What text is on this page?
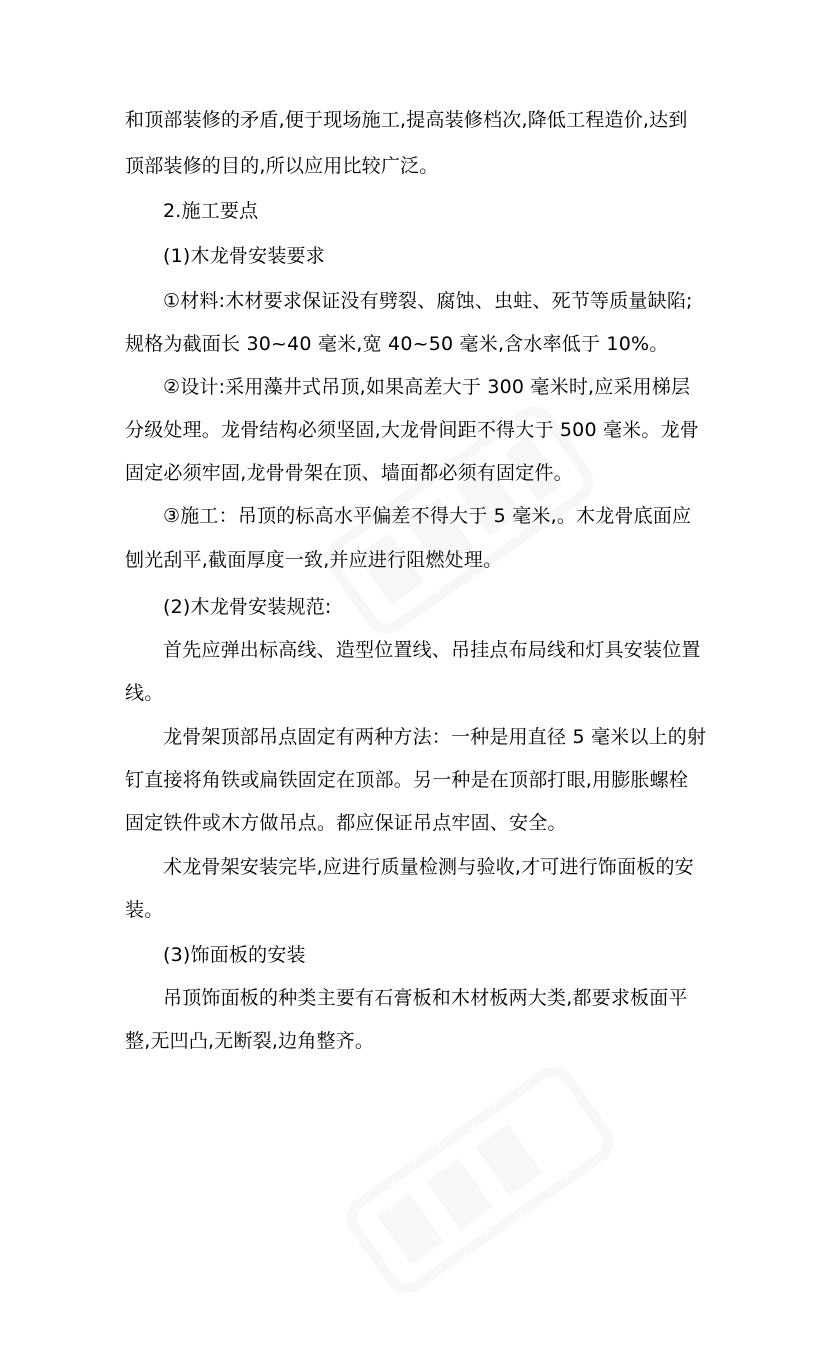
和顶部装修的矛盾,便于现场施工,提高装修档次,降低工程造价,达到
顶部装修的目的,所以应用比较广泛。
2.施工要点
(1)木龙骨安装要求
①材料:木材要求保证没有劈裂、腐蚀、虫蛀、死节等质量缺陷;
规格为截面长 30~40 毫米,宽 40~50 毫米,含水率低于 10%。
②设计:采用藻井式吊顶,如果高差大于 300 毫米时,应采用梯层
分级处理。龙骨结构必须坚固,大龙骨间距不得大于 500 毫米。龙骨
固定必须牢固,龙骨骨架在顶、墙面都必须有固定件。
③施工：吊顶的标高水平偏差不得大于 5 毫米,。木龙骨底面应
刨光刮平,截面厚度一致,并应进行阻燃处理。
(2)木龙骨安装规范:
首先应弹出标高线、造型位置线、吊挂点布局线和灯具安装位置
线。
龙骨架顶部吊点固定有两种方法：一种是用直径 5 毫米以上的射
钉直接将角铁或扁铁固定在顶部。另一种是在顶部打眼,用膨胀螺栓
固定铁件或木方做吊点。都应保证吊点牢固、安全。
术龙骨架安装完毕,应进行质量检测与验收,才可进行饰面板的安
装。
(3)饰面板的安装
吊顶饰面板的种类主要有石膏板和木材板两大类,都要求板面平
整,无凹凸,无断裂,边角整齐。
